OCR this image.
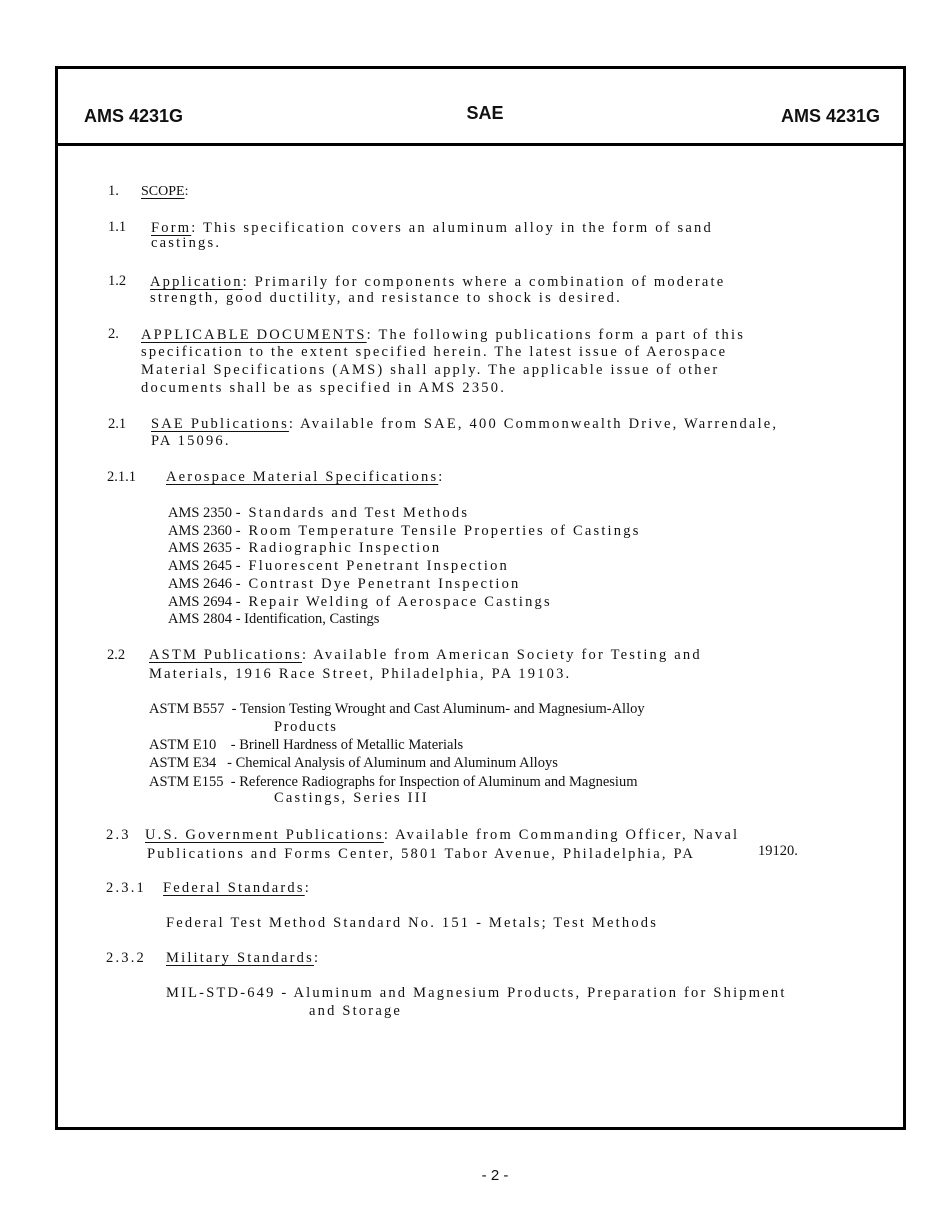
AMS 4231G	SAE	AMS 4231G
1. SCOPE:
1.1 Form: This specification covers an aluminum alloy in the form of sand
castings.
1.2 Application: Primarily for components where a combination of moderate
strength, good ductility, and resistance to shock is desired.
2. APPLICABLE DOCUMENTS: The following publications form a part of this
specification to the extent specified herein. The latest issue of Aerospace
Material Specifications (AMS) shall apply. The applicable issue of other
documents shall be as specified in AMS 2350.
2.1 SAE Publications: Available from SAE, 400 Commonwealth Drive, Warrendale,
PA 15096.
2.1.1 Aerospace Material Specifications:
AMS 2350 - Standards and Test Methods
AMS 2360 - Room Temperature Tensile Properties of Castings
AMS 2635 - Radiographic Inspection
AMS 2645 - Fluorescent Penetrant Inspection
AMS 2646 - Contrast Dye Penetrant Inspection
AMS 2694 - Repair Welding of Aerospace Castings
AMS 2804 - Identification, Castings
2.2 ASTM Publications: Available from American Society for Testing and
Materials, 1916 Race Street, Philadelphia, PA 19103.
ASTM B557 - Tension Testing Wrought and Cast Aluminum- and Magnesium-Alloy
Products
ASTM E10 - Brinell Hardness of Metallic Materials
ASTM E34 - Chemical Analysis of Aluminum and Aluminum Alloys
ASTM E155 - Reference Radiographs for Inspection of Aluminum and Magnesium
Castings, Series III
2.3 U.S. Government Publications: Available from Commanding Officer, Naval
Publications and Forms Center, 5801 Tabor Avenue, Philadelphia, PA	19120.
2.3.1 Federal Standards:
Federal Test Method Standard No. 151 - Metals; Test Methods
2.3.2 Military Standards:
MIL-STD-649 - Aluminum and Magnesium Products, Preparation for Shipment
and Storage
- 2 -
